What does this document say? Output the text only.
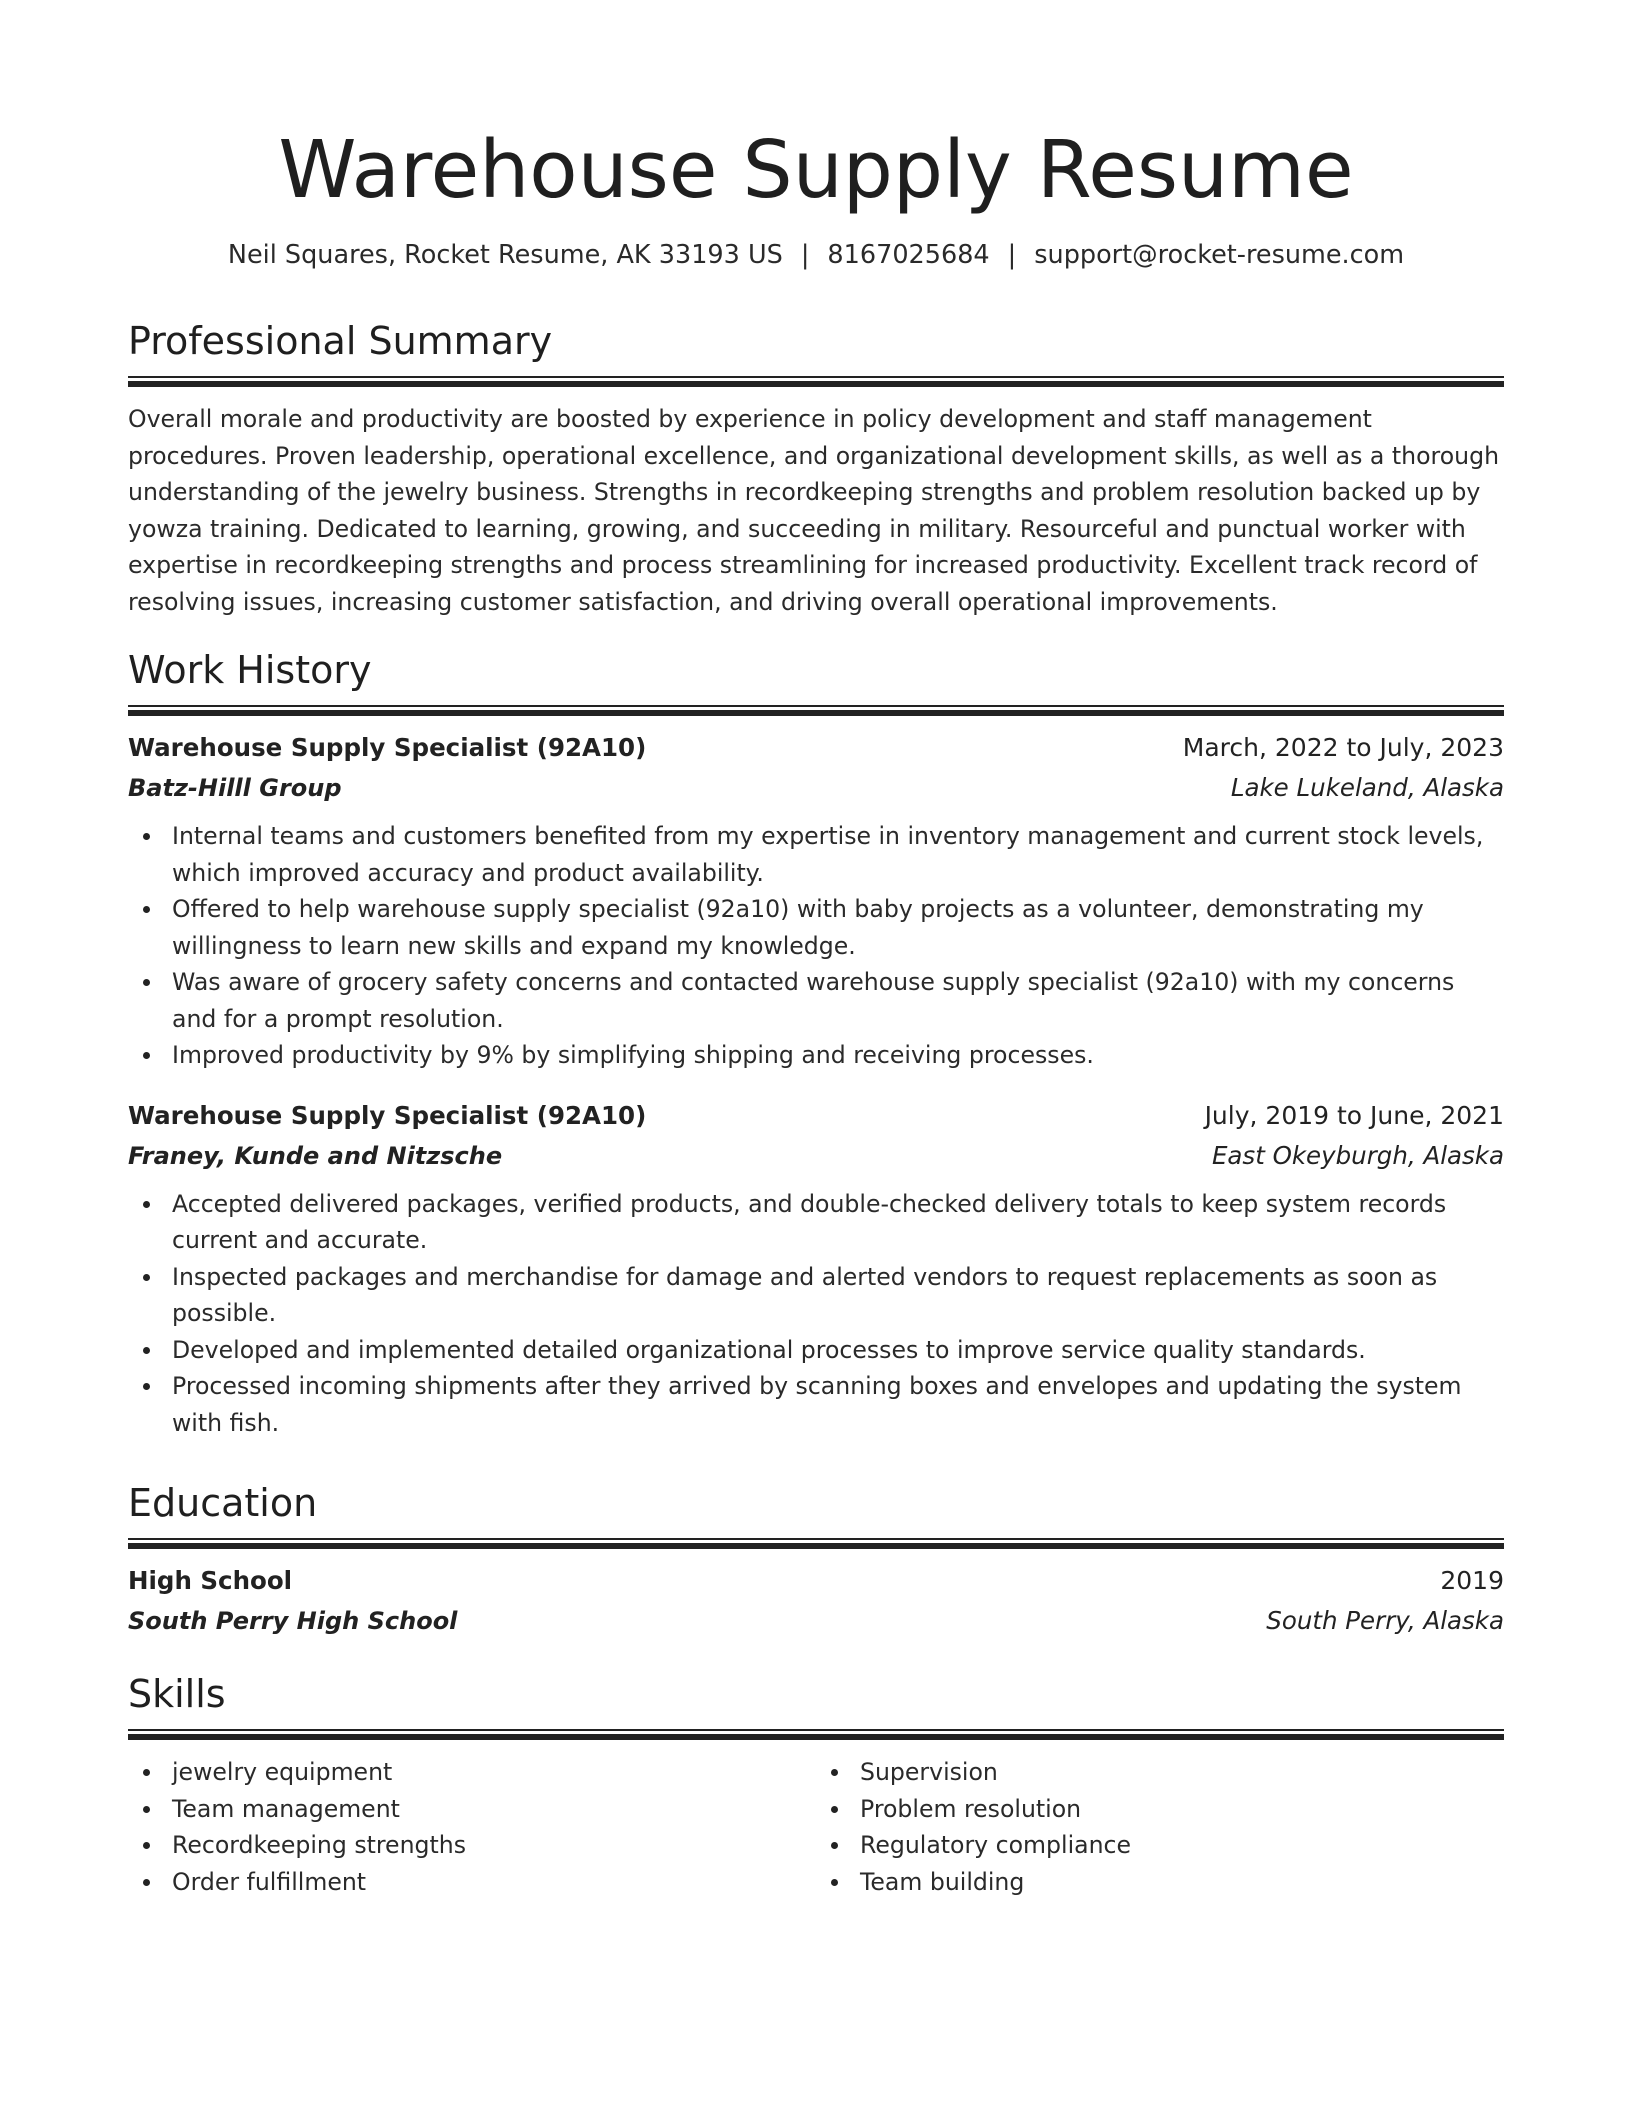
Warehouse Supply Resume
Neil Squares, Rocket Resume, AK 33193 US | 8167025684 | support@rocket-resume.com
Professional Summary

Overall morale and productivity are boosted by experience in policy development and staff management procedures. Proven leadership, operational excellence, and organizational development skills, as well as a thorough understanding of the jewelry business. Strengths in recordkeeping strengths and problem resolution backed up by yowza training. Dedicated to learning, growing, and succeeding in military. Resourceful and punctual worker with expertise in recordkeeping strengths and process streamlining for increased productivity. Excellent track record of resolving issues, increasing customer satisfaction, and driving overall operational improvements.

Work History
Warehouse Supply Specialist (92A10)	March, 2022 to July, 2023
Batz-Hilll Group	Lake Lukeland, Alaska
Internal teams and customers benefited from my expertise in inventory management and current stock levels, which improved accuracy and product availability.
Offered to help warehouse supply specialist (92a10) with baby projects as a volunteer, demonstrating my willingness to learn new skills and expand my knowledge.
Was aware of grocery safety concerns and contacted warehouse supply specialist (92a10) with my concerns and for a prompt resolution.
Improved productivity by 9% by simplifying shipping and receiving processes.
Warehouse Supply Specialist (92A10)	July, 2019 to June, 2021
Franey, Kunde and Nitzsche	East Okeyburgh, Alaska
Accepted delivered packages, verified products, and double-checked delivery totals to keep system records current and accurate.
Inspected packages and merchandise for damage and alerted vendors to request replacements as soon as possible.
Developed and implemented detailed organizational processes to improve service quality standards.
Processed incoming shipments after they arrived by scanning boxes and envelopes and updating the system with fish.
Education
High School	2019
South Perry High School	South Perry, Alaska
Skills
jewelry equipment
Team management
Recordkeeping strengths
Order fulfillment
Supervision
Problem resolution
Regulatory compliance
Team building
